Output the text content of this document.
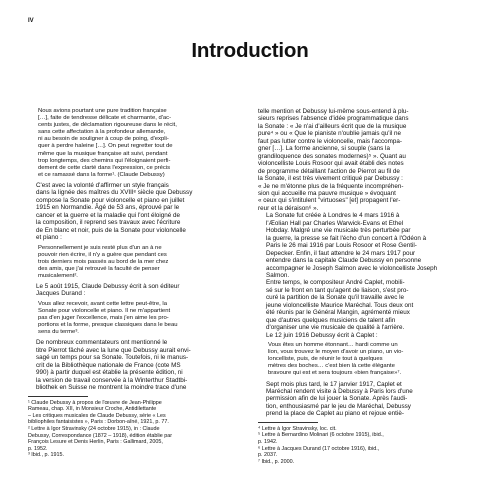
IV
Introduction
Nous avions pourtant une pure tradition française
[…], faite de tendresse délicate et charmante, d'ac-
cents justes, de déclamation rigoureuse dans le récit,
sans cette affectation à la profondeur allemande,
ni au besoin de souligner à coup de poing, d'expli-
quer à perdre haleine […]. On peut regretter tout de
même que la musique française ait suivi, pendant
trop longtemps, des chemins qui l'éloignaient perfi-
dement de cette clarté dans l'expression, ce précis
et ce ramassé dans la forme¹. (Claude Debussy)
C'est avec la volonté d'affirmer un style français
dans la lignée des maîtres du XVIIIᵉ siècle que Debussy
compose la Sonate pour violoncelle et piano en juillet
1915 en Normandie. Âgé de 53 ans, éprouvé par le
cancer et la guerre et la maladie qui l'ont éloigné de
la composition, il reprend ses travaux avec l'écriture
de En blanc et noir, puis de la Sonate pour violoncelle
et piano :
Personnellement je suis resté plus d'un an à ne
pouvoir rien écrire, il n'y a guère que pendant ces
trois derniers mois passés au bord de la mer chez
des amis, que j'ai retrouvé la faculté de penser
musicalement².
Le 5 août 1915, Claude Debussy écrit à son éditeur
Jacques Durand :
Vous allez recevoir, avant cette lettre peut-être, la
Sonate pour violoncelle et piano. Il ne m'appartient
pas d'en juger l'excellence, mais j'en aime les pro-
portions et la forme, presque classiques dans le beau
sens du terme³.
De nombreux commentateurs ont mentionné le
titre Pierrot fâché avec la lune que Debussy aurait envi-
sagé un temps pour sa Sonate. Toutefois, ni le manus-
crit de la Bibliothèque nationale de France (cote MS
990) à partir duquel est établie la présente édition, ni
la version de travail conservée à la Winterthur Stadtbi-
bliothek en Suisse ne montrent la moindre trace d'une
¹ Claude Debussy à propos de l'œuvre de Jean-Philippe
Rameau, chap. XII, in Monsieur Croche, Antidilettante
– Les critiques musicales de Claude Debussy, série « Les
bibliophiles fantaisistes », Paris : Dorbon-aîné, 1921, p. 77.
² Lettre à Igor Stravinsky (24 octobre 1915), in : Claude
Debussy, Correspondance (1872 – 1918), édition établie par
François Lesure et Denis Herlin, Paris : Gallimard, 2005,
p. 1952.
³ Ibid., p. 1915.
telle mention et Debussy lui-même sous-entend à plu-
sieurs reprises l'absence d'idée programmatique dans
la Sonate : « Je n'ai d'ailleurs écrit que de la musique
pure⁴ » ou « Que le pianiste n'oublie jamais qu'il ne
faut pas lutter contre le violoncelle, mais l'accompa-
gner […]. La forme ancienne, si souple (sans la
grandiloquence des sonates modernes)⁵ ». Quant au
violoncelliste Louis Rosoor qui avait établi des notes
de programme détaillant l'action de Pierrot au fil de
la Sonate, il est très vivement critiqué par Debussy :
« Je ne m'étonne plus de la fréquente incompréhen-
sion qui accueille ma pauvre musique » évoquant
« ceux qui s'intitulent "virtuoses" [et] propagent l'er-
reur et la déraison⁶ ».
La Sonate fut créée à Londres le 4 mars 1916 à
l'Æolian Hall par Charles Warwick-Evans et Ethel
Hobday. Malgré une vie musicale très perturbée par
la guerre, la presse se fait l'écho d'un concert à l'Odéon à
Paris le 26 mai 1916 par Louis Rosoor et Rose Gentil-
Depecker. Enfin, il faut attendre le 24 mars 1917 pour
entendre dans la capitale Claude Debussy en personne
accompagner le Joseph Salmon avec le violoncelliste Joseph
Salmon.
Entre temps, le compositeur André Caplet, mobili-
sé sur le front en tant qu'agent de liaison, s'est pro-
curé la partition de la Sonate qu'il travaille avec le
jeune violoncelliste Maurice Maréchal. Tous deux ont
été réunis par le Général Mangin, agrémenté mieux
que d'autres quelques musiciens de talent afin
d'organiser une vie musicale de qualité à l'arrière.
Le 12 juin 1916 Debussy écrit à Caplet :
Vous êtes un homme étonnant… hardi comme un
lion, vous trouvez le moyen d'avoir un piano, un vio-
loncelliste, puis, de réunir le tout à quelques
mètres des boches… c'est bien là cette élégante
bravoure qui est et sera toujours «bien française»⁷.
Sept mois plus tard, le 17 janvier 1917, Caplet et
Maréchal rendent visite à Debussy à Paris lors d'une
permission afin de lui jouer la Sonate. Après l'audi-
tion, enthousiasmé par le jeu de Maréchal, Debussy
prend la place de Caplet au piano et rejoue entiè-
⁴ Lettre à Igor Stravinsky, loc. cit.
⁵ Lettre à Bernardino Molinari (6 octobre 1915), ibid.,
p. 1942.
⁶ Lettre à Jacques Durand (17 octobre 1916), ibid.,
p. 2037.
⁷ Ibid., p. 2000.
